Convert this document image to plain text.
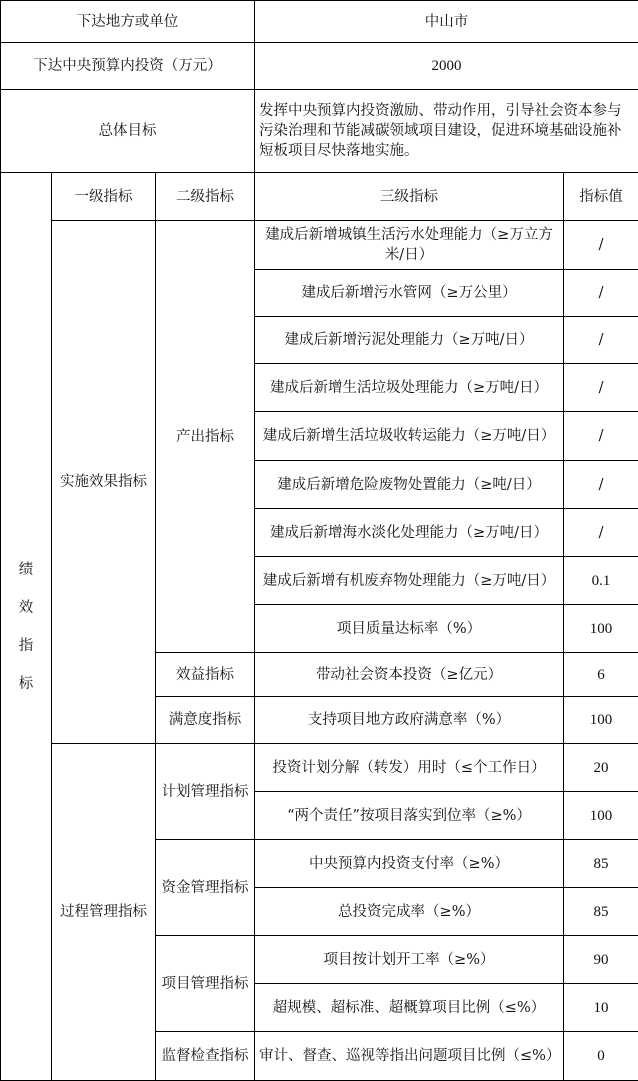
下达地方或单位			中山市	
下达中央预算内投资（万元）			2000	
总体目标			发挥中央预算内投资激励、带动作用，引导社会资本参与污染治理和节能减碳领域项目建设，促进环境基础设施补短板项目尽快落地实施。	

绩
效
指
标	一级指标	二级指标	三级指标	指标值
	实施效果指标	产出指标	建成后新增城镇生活污水处理能力（≥万立方米/日）	/
			建成后新增污水管网（≥万公里）	/
			建成后新增污泥处理能力（≥万吨/日）	/
			建成后新增生活垃圾处理能力（≥万吨/日）	/
			建成后新增生活垃圾收转运能力（≥万吨/日）	/
			建成后新增危险废物处置能力（≥吨/日）	/
			建成后新增海水淡化处理能力（≥万吨/日）	/
			建成后新增有机废弃物处理能力（≥万吨/日）	0.1
			项目质量达标率（%）	100
		效益指标	带动社会资本投资（≥亿元）	6
		满意度指标	支持项目地方政府满意率（%）	100
	过程管理指标	计划管理指标	投资计划分解（转发）用时（≤个工作日）	20
			“两个责任”按项目落实到位率（≥%）	100
		资金管理指标	中央预算内投资支付率（≥%）	85
			总投资完成率（≥%）	85
		项目管理指标	项目按计划开工率（≥%）	90
			超规模、超标准、超概算项目比例（≤%）	10
		监督检查指标	审计、督查、巡视等指出问题项目比例（≤%）	0
